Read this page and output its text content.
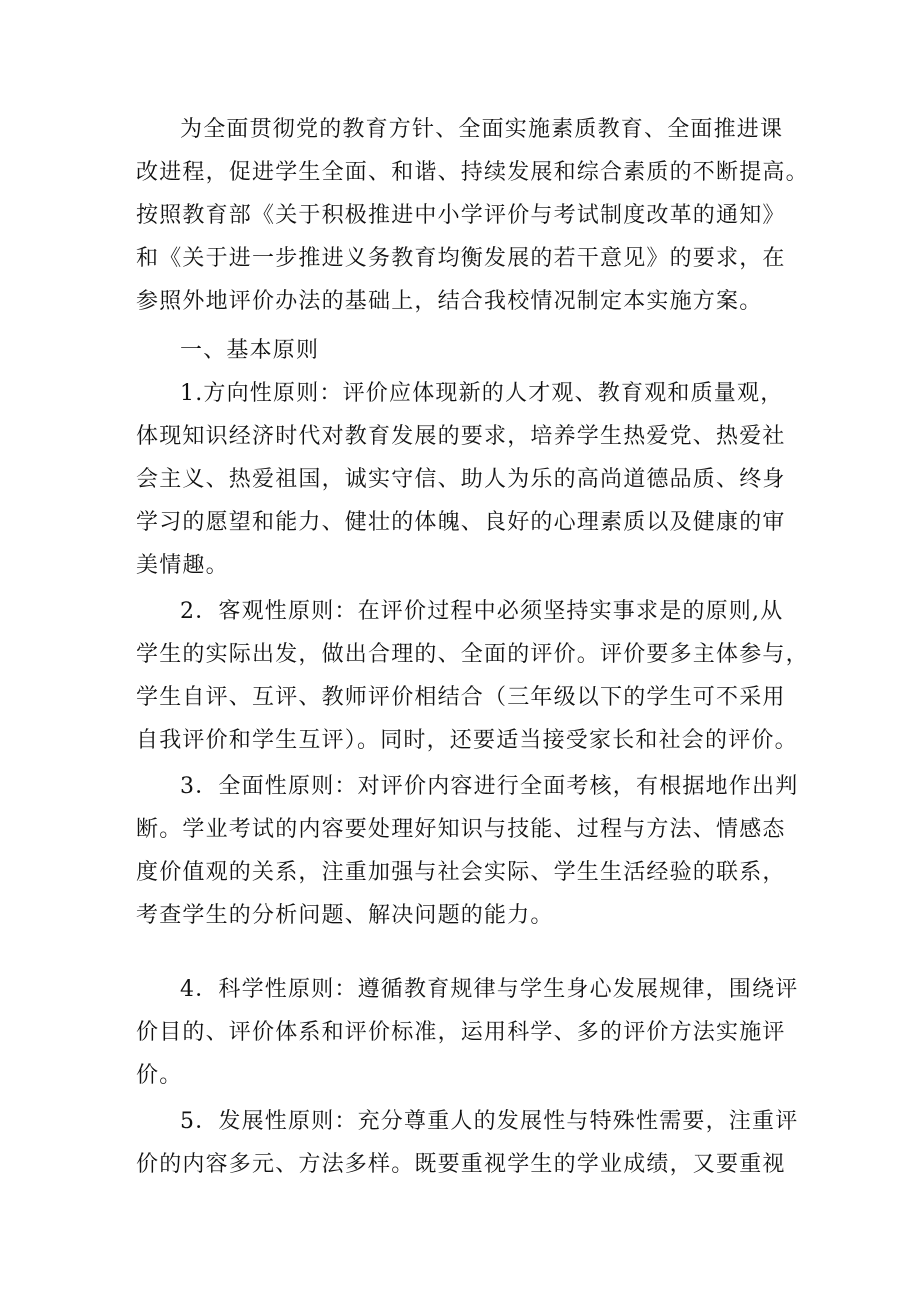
为全面贯彻党的教育方针、全面实施素质教育、全面推进课
改进程，促进学生全面、和谐、持续发展和综合素质的不断提高。
按照教育部《关于积极推进中小学评价与考试制度改革的通知》
和《关于进一步推进义务教育均衡发展的若干意见》的要求，在
参照外地评价办法的基础上，结合我校情况制定本实施方案。
一、基本原则
1.方向性原则：评价应体现新的人才观、教育观和质量观，
体现知识经济时代对教育发展的要求，培养学生热爱党、热爱社
会主义、热爱祖国，诚实守信、助人为乐的高尚道德品质、终身
学习的愿望和能力、健壮的体魄、良好的心理素质以及健康的审
美情趣。
2．客观性原则：在评价过程中必须坚持实事求是的原则,从
学生的实际出发，做出合理的、全面的评价。评价要多主体参与，
学生自评、互评、教师评价相结合（三年级以下的学生可不采用
自我评价和学生互评）。同时，还要适当接受家长和社会的评价。
3．全面性原则：对评价内容进行全面考核，有根据地作出判
断。学业考试的内容要处理好知识与技能、过程与方法、情感态
度价值观的关系，注重加强与社会实际、学生生活经验的联系，
考查学生的分析问题、解决问题的能力。
4．科学性原则：遵循教育规律与学生身心发展规律，围绕评
价目的、评价体系和评价标准，运用科学、多的评价方法实施评
价。
5．发展性原则：充分尊重人的发展性与特殊性需要，注重评
价的内容多元、方法多样。既要重视学生的学业成绩，又要重视
